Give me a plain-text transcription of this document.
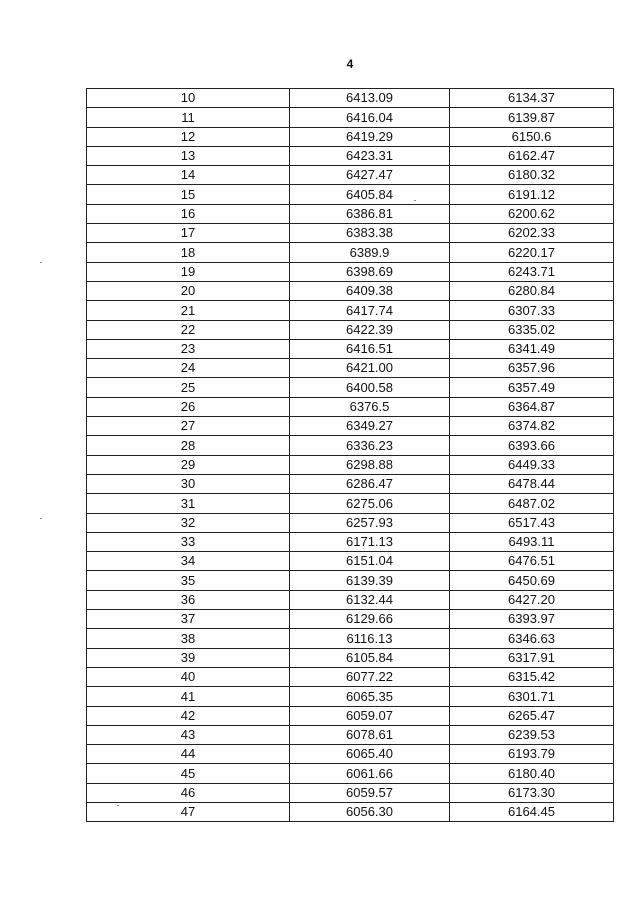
4
10	6413.09	6134.37
11	6416.04	6139.87
12	6419.29	6150.6
13	6423.31	6162.47
14	6427.47	6180.32
15	6405.84	6191.12
16	6386.81	6200.62
17	6383.38	6202.33
18	6389.9	6220.17
19	6398.69	6243.71
20	6409.38	6280.84
21	6417.74	6307.33
22	6422.39	6335.02
23	6416.51	6341.49
24	6421.00	6357.96
25	6400.58	6357.49
26	6376.5	6364.87
27	6349.27	6374.82
28	6336.23	6393.66
29	6298.88	6449.33
30	6286.47	6478.44
31	6275.06	6487.02
32	6257.93	6517.43
33	6171.13	6493.11
34	6151.04	6476.51
35	6139.39	6450.69
36	6132.44	6427.20
37	6129.66	6393.97
38	6116.13	6346.63
39	6105.84	6317.91
40	6077.22	6315.42
41	6065.35	6301.71
42	6059.07	6265.47
43	6078.61	6239.53
44	6065.40	6193.79
45	6061.66	6180.40
46	6059.57	6173.30
47	6056.30	6164.45
